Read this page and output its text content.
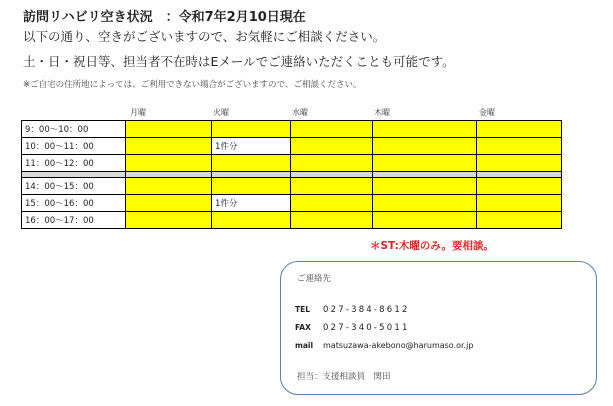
訪問リハビリ空き状況　：令和7年2月10日現在
以下の通り、空きがございますので、お気軽にご相談ください。
土・日・祝日等、担当者不在時はEメールでご連絡いただくことも可能です。
※ご自宅の住所地によっては、ご利用できない場合がございますので、ご相談ください。
月曜	火曜	水曜	木曜	金曜
9：00～10：00					
10：00～11：00		1件分			
11：00～12：00					

14：00～15：00					
15：00～16：00		1件分			
16：00～17：00					
＊ST:木曜のみ。要相談。
ご連絡先
TEL 027-384-8612
FAX 027-340-5011
mail matsuzawa-akebono@harumaso.or.jp
担当：支援相談員　関田
